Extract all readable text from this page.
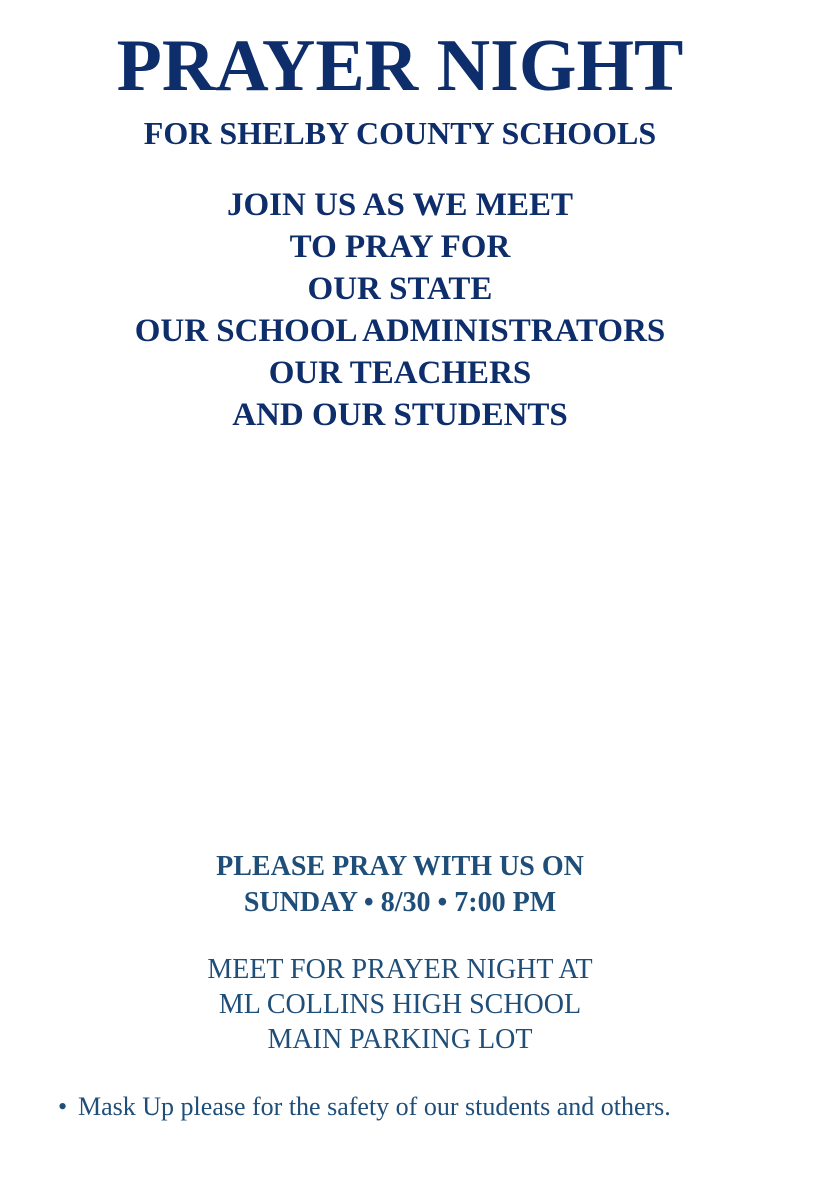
PRAYER NIGHT
FOR SHELBY COUNTY SCHOOLS
JOIN US AS WE MEET
TO PRAY FOR
OUR STATE
OUR SCHOOL ADMINISTRATORS
OUR TEACHERS
AND OUR STUDENTS
PLEASE PRAY WITH US ON
SUNDAY • 8/30 • 7:00 PM
MEET FOR PRAYER NIGHT AT
ML COLLINS HIGH SCHOOL
MAIN PARKING LOT
• Mask Up please for the safety of our students and others.
